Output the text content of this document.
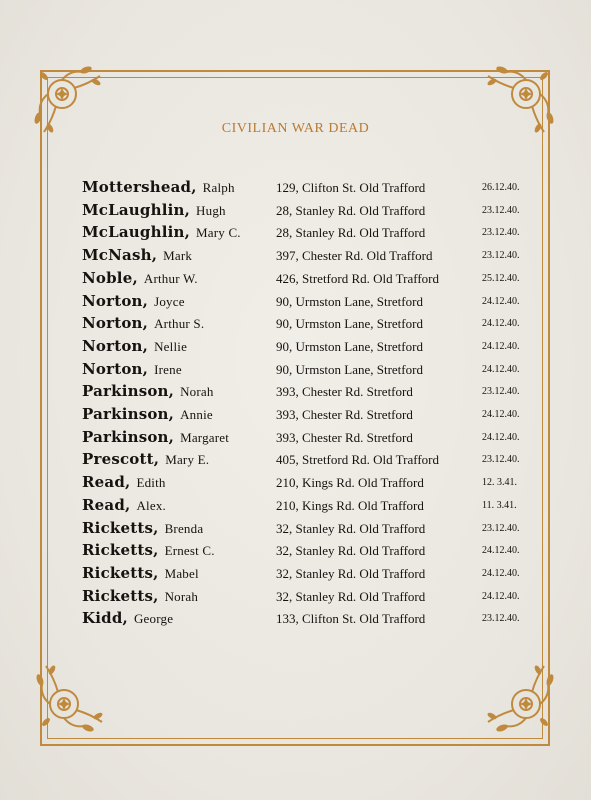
CIVILIAN WAR DEAD
Mottershead, Ralph	129, Clifton St. Old Trafford	26.12.40.
McLaughlin, Hugh	28, Stanley Rd. Old Trafford	23.12.40.
McLaughlin, Mary C.	28, Stanley Rd. Old Trafford	23.12.40.
McNash, Mark	397, Chester Rd. Old Trafford	23.12.40.
Noble, Arthur W.	426, Stretford Rd. Old Trafford	25.12.40.
Norton, Joyce	90, Urmston Lane, Stretford	24.12.40.
Norton, Arthur S.	90, Urmston Lane, Stretford	24.12.40.
Norton, Nellie	90, Urmston Lane, Stretford	24.12.40.
Norton, Irene	90, Urmston Lane, Stretford	24.12.40.
Parkinson, Norah	393, Chester Rd. Stretford	23.12.40.
Parkinson, Annie	393, Chester Rd. Stretford	24.12.40.
Parkinson, Margaret	393, Chester Rd. Stretford	24.12.40.
Prescott, Mary E.	405, Stretford Rd. Old Trafford	23.12.40.
Read, Edith	210, Kings Rd. Old Trafford	12. 3.41.
Read, Alex.	210, Kings Rd. Old Trafford	11. 3.41.
Ricketts, Brenda	32, Stanley Rd. Old Trafford	23.12.40.
Ricketts, Ernest C.	32, Stanley Rd. Old Trafford	24.12.40.
Ricketts, Mabel	32, Stanley Rd. Old Trafford	24.12.40.
Ricketts, Norah	32, Stanley Rd. Old Trafford	24.12.40.
Kidd, George	133, Clifton St. Old Trafford	23.12.40.
